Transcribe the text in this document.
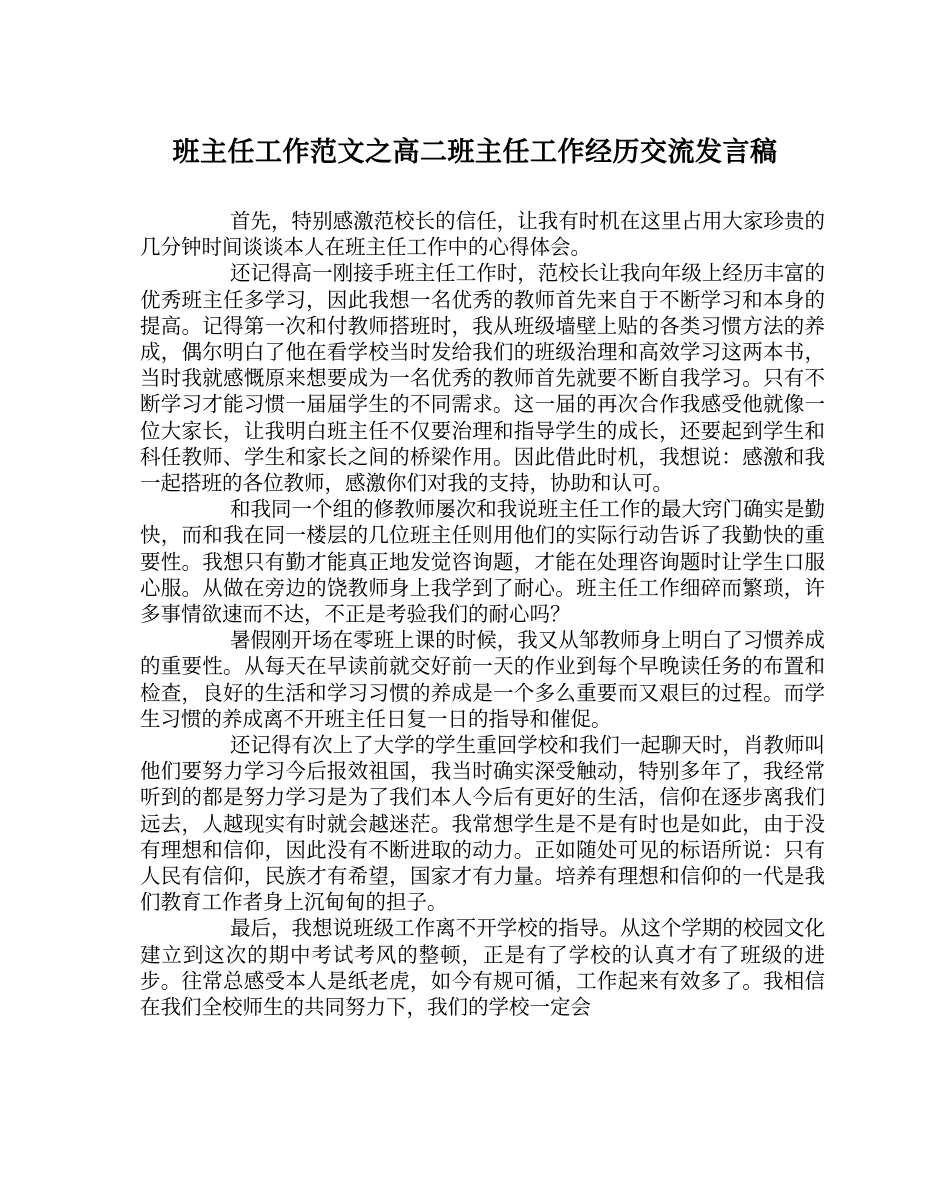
班主任工作范文之高二班主任工作经历交流发言稿

首先，特别感激范校长的信任，让我有时机在这里占用大家珍贵的几分钟时间谈谈本人在班主任工作中的心得体会。

还记得高一刚接手班主任工作时，范校长让我向年级上经历丰富的优秀班主任多学习，因此我想一名优秀的教师首先来自于不断学习和本身的提高。记得第一次和付教师搭班时，我从班级墙壁上贴的各类习惯方法的养成，偶尔明白了他在看学校当时发给我们的班级治理和高效学习这两本书，当时我就感慨原来想要成为一名优秀的教师首先就要不断自我学习。只有不断学习才能习惯一届届学生的不同需求。这一届的再次合作我感受他就像一位大家长，让我明白班主任不仅要治理和指导学生的成长，还要起到学生和科任教师、学生和家长之间的桥梁作用。因此借此时机，我想说：感激和我一起搭班的各位教师，感激你们对我的支持，协助和认可。

和我同一个组的修教师屡次和我说班主任工作的最大窍门确实是勤快，而和我在同一楼层的几位班主任则用他们的实际行动告诉了我勤快的重要性。我想只有勤才能真正地发觉咨询题，才能在处理咨询题时让学生口服心服。从做在旁边的饶教师身上我学到了耐心。班主任工作细碎而繁琐，许多事情欲速而不达，不正是考验我们的耐心吗？

暑假刚开场在零班上课的时候，我又从邹教师身上明白了习惯养成的重要性。从每天在早读前就交好前一天的作业到每个早晚读任务的布置和检查，良好的生活和学习习惯的养成是一个多么重要而又艰巨的过程。而学生习惯的养成离不开班主任日复一日的指导和催促。

还记得有次上了大学的学生重回学校和我们一起聊天时，肖教师叫他们要努力学习今后报效祖国，我当时确实深受触动，特别多年了，我经常听到的都是努力学习是为了我们本人今后有更好的生活，信仰在逐步离我们远去，人越现实有时就会越迷茫。我常想学生是不是有时也是如此，由于没有理想和信仰，因此没有不断进取的动力。正如随处可见的标语所说：只有人民有信仰，民族才有希望，国家才有力量。培养有理想和信仰的一代是我们教育工作者身上沉甸甸的担子。

最后，我想说班级工作离不开学校的指导。从这个学期的校园文化建立到这次的期中考试考风的整顿，正是有了学校的认真才有了班级的进步。往常总感受本人是纸老虎，如今有规可循，工作起来有效多了。我相信在我们全校师生的共同努力下，我们的学校一定会
